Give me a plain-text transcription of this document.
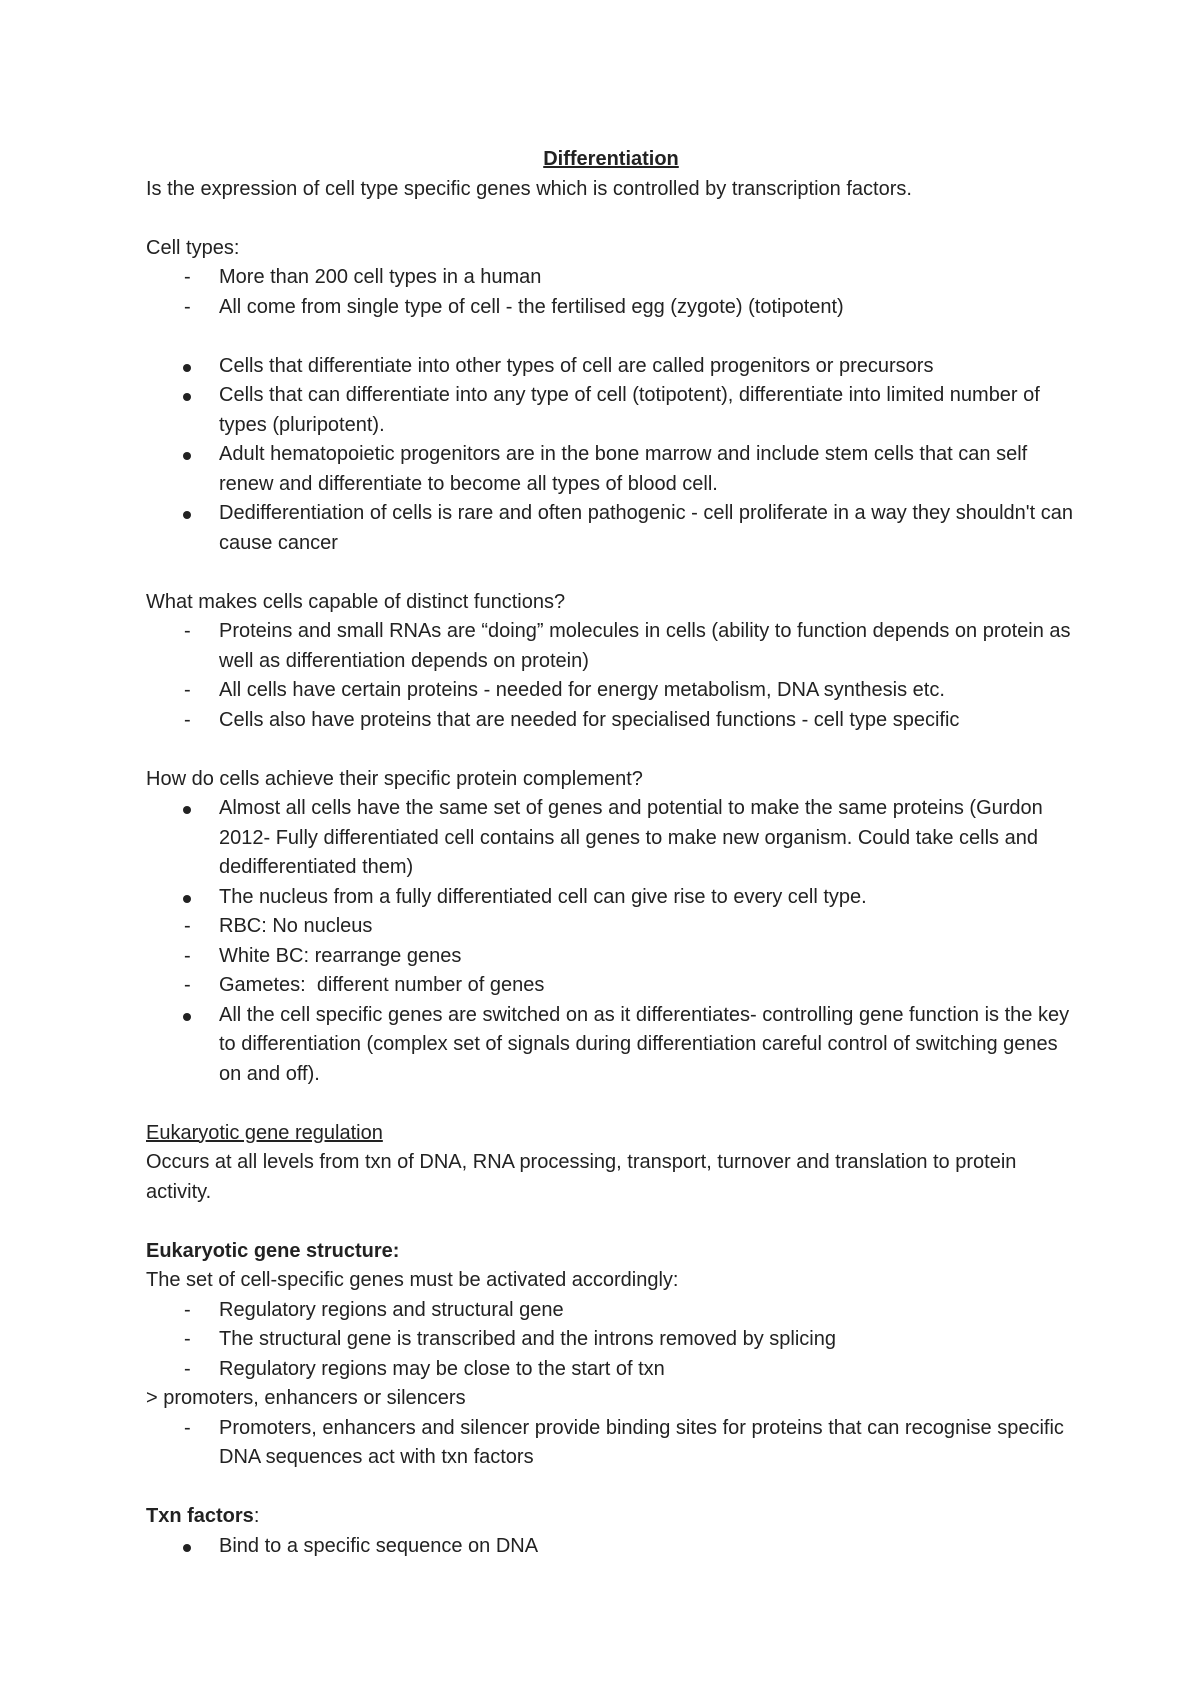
Differentiation

Is the expression of cell type specific genes which is controlled by transcription factors.

Cell types:

-	More than 200 cell types in a human
-	All come from single type of cell - the fertilised egg (zygote) (totipotent)
Cells that differentiate into other types of cell are called progenitors or precursors
Cells that can differentiate into any type of cell (totipotent), differentiate into limited number of types (pluripotent).
Adult hematopoietic progenitors are in the bone marrow and include stem cells that can self renew and differentiate to become all types of blood cell.
Dedifferentiation of cells is rare and often pathogenic - cell proliferate in a way they shouldn't can cause cancer

What makes cells capable of distinct functions?

-	Proteins and small RNAs are “doing” molecules in cells (ability to function depends on protein as well as differentiation depends on protein)
-	All cells have certain proteins - needed for energy metabolism, DNA synthesis etc.
-	Cells also have proteins that are needed for specialised functions - cell type specific

How do cells achieve their specific protein complement?

Almost all cells have the same set of genes and potential to make the same proteins (Gurdon 2012- Fully differentiated cell contains all genes to make new organism. Could take cells and dedifferentiated them)
The nucleus from a fully differentiated cell can give rise to every cell type.
-	RBC: No nucleus
-	White BC: rearrange genes
-	Gametes:  different number of genes
All the cell specific genes are switched on as it differentiates- controlling gene function is the key to differentiation (complex set of signals during differentiation careful control of switching genes on and off).

Eukaryotic gene regulation

Occurs at all levels from txn of DNA, RNA processing, transport, turnover and translation to protein activity.

Eukaryotic gene structure:

The set of cell-specific genes must be activated accordingly:

-	Regulatory regions and structural gene
-	The structural gene is transcribed and the introns removed by splicing
-	Regulatory regions may be close to the start of txn

> promoters, enhancers or silencers

-	Promoters, enhancers and silencer provide binding sites for proteins that can recognise specific DNA sequences act with txn factors

Txn factors:

Bind to a specific sequence on DNA
